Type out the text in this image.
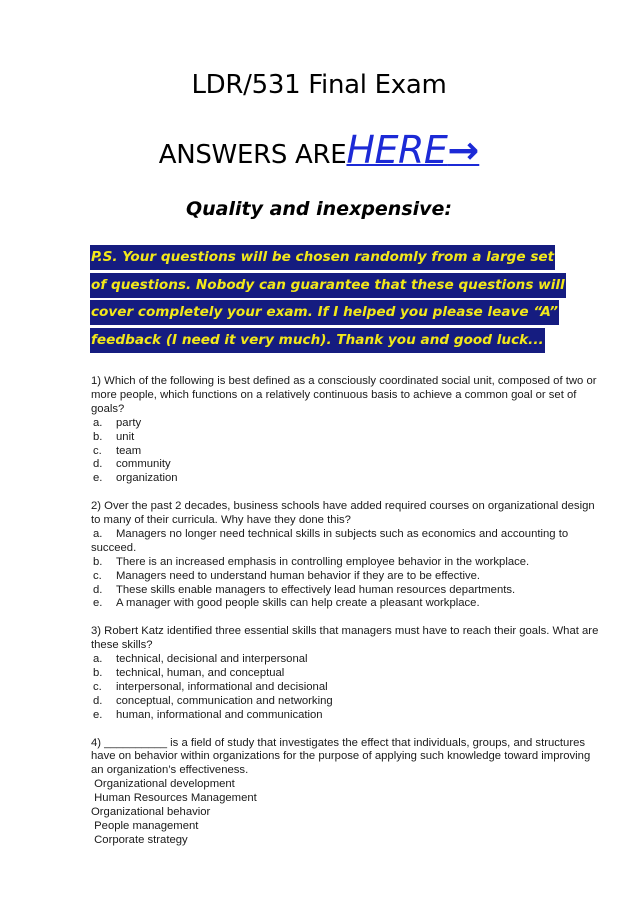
LDR/531 Final Exam
ANSWERS AREHERE→
Quality and inexpensive:
P.S. Your questions will be chosen randomly from a large set
of questions. Nobody can guarantee that these questions will
cover completely your exam. If I helped you please leave “A”
feedback (I need it very much). Thank you and good luck...

1) Which of the following is best defined as a consciously coordinated social unit, composed of two or more people, which functions on a relatively continuous basis to achieve a common goal or set of goals?

a. party

b. unit

c. team

d. community

e. organization

2) Over the past 2 decades, business schools have added required courses on organizational design to many of their curricula. Why have they done this?

a. Managers no longer need technical skills in subjects such as economics and accounting to succeed.

b. There is an increased emphasis in controlling employee behavior in the workplace.

c. Managers need to understand human behavior if they are to be effective.

d. These skills enable managers to effectively lead human resources departments.

e. A manager with good people skills can help create a pleasant workplace.

3) Robert Katz identified three essential skills that managers must have to reach their goals. What are these skills?

a. technical, decisional and interpersonal

b. technical, human, and conceptual

c. interpersonal, informational and decisional

d. conceptual, communication and networking

e. human, informational and communication

4) __________ is a field of study that investigates the effect that individuals, groups, and structures have on behavior within organizations for the purpose of applying such knowledge toward improving an organization’s effectiveness.

Organizational development

Human Resources Management

Organizational behavior

People management

Corporate strategy
